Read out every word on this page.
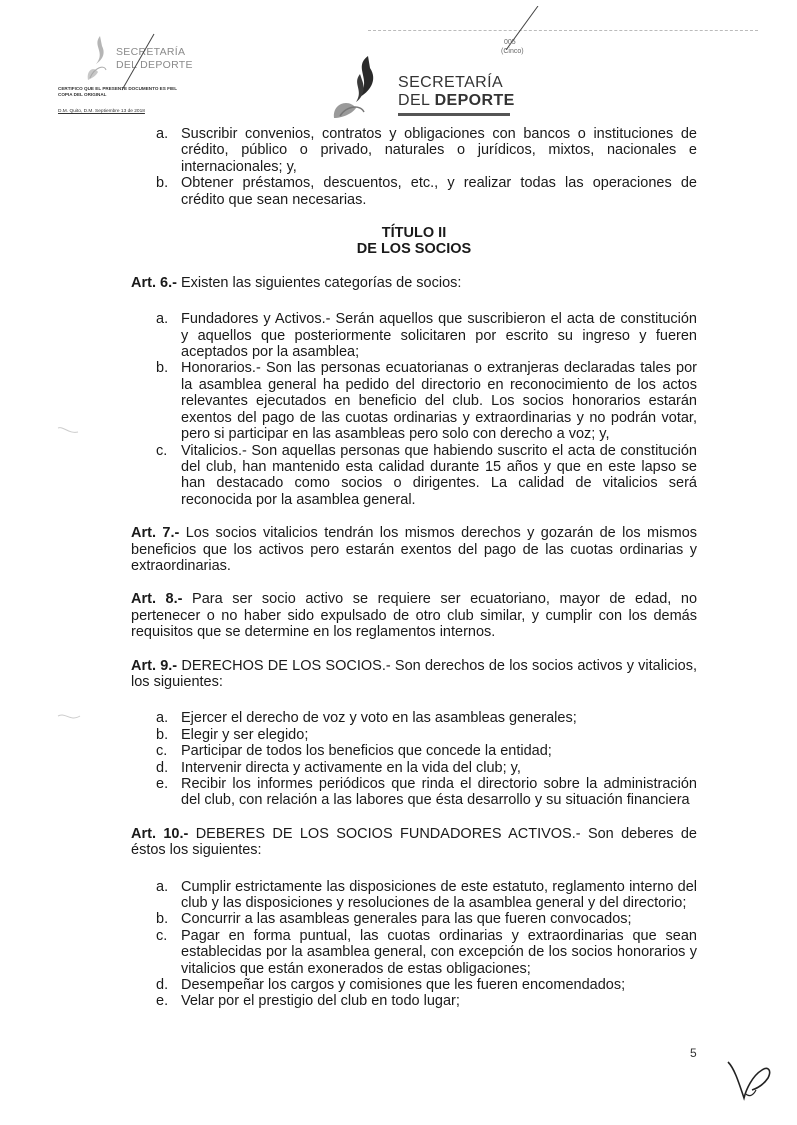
SECRETARÍA
DEL DEPORTE
CERTIFICO QUE EL PRESENTE DOCUMENTO ES FIEL COPIA DEL ORIGINAL
D.M. Quito, D.M. Septiembre 13 de 2018
SECRETARÍA
DEL DEPORTE
005
(Cinco)
a. Suscribir convenios, contratos y obligaciones con bancos o instituciones de crédito, público o privado, naturales o jurídicos, mixtos, nacionales e internacionales; y,
b. Obtener préstamos, descuentos, etc., y realizar todas las operaciones de crédito que sean necesarias.

TÍTULO II

DE LOS SOCIOS

Art. 6.- Existen las siguientes categorías de socios:

a. Fundadores y Activos.- Serán aquellos que suscribieron el acta de constitución y aquellos que posteriormente solicitaren por escrito su ingreso y fueren aceptados por la asamblea;
b. Honorarios.- Son las personas ecuatorianas o extranjeras declaradas tales por la asamblea general ha pedido del directorio en reconocimiento de los actos relevantes ejecutados en beneficio del club. Los socios honorarios estarán exentos del pago de las cuotas ordinarias y extraordinarias y no podrán votar, pero si participar en las asambleas pero solo con derecho a voz; y,
c. Vitalicios.- Son aquellas personas que habiendo suscrito el acta de constitución del club, han mantenido esta calidad durante 15 años y que en este lapso se han destacado como socios o dirigentes. La calidad de vitalicios será reconocida por la asamblea general.

Art. 7.- Los socios vitalicios tendrán los mismos derechos y gozarán de los mismos beneficios que los activos pero estarán exentos del pago de las cuotas ordinarias y extraordinarias.

Art. 8.- Para ser socio activo se requiere ser ecuatoriano, mayor de edad, no pertenecer o no haber sido expulsado de otro club similar, y cumplir con los demás requisitos que se determine en los reglamentos internos.

Art. 9.- DERECHOS DE LOS SOCIOS.- Son derechos de los socios activos y vitalicios, los siguientes:

a. Ejercer el derecho de voz y voto en las asambleas generales;
b. Elegir y ser elegido;
c. Participar de todos los beneficios que concede la entidad;
d. Intervenir directa y activamente en la vida del club; y,
e. Recibir los informes periódicos que rinda el directorio sobre la administración del club, con relación a las labores que ésta desarrollo y su situación financiera

Art. 10.- DEBERES DE LOS SOCIOS FUNDADORES ACTIVOS.- Son deberes de éstos los siguientes:

a. Cumplir estrictamente las disposiciones de este estatuto, reglamento interno del club y las disposiciones y resoluciones de la asamblea general y del directorio;
b. Concurrir a las asambleas generales para las que fueren convocados;
c. Pagar en forma puntual, las cuotas ordinarias y extraordinarias que sean establecidas por la asamblea general, con excepción de los socios honorarios y vitalicios que están exonerados de estas obligaciones;
d. Desempeñar los cargos y comisiones que les fueren encomendados;
e. Velar por el prestigio del club en todo lugar;
5
